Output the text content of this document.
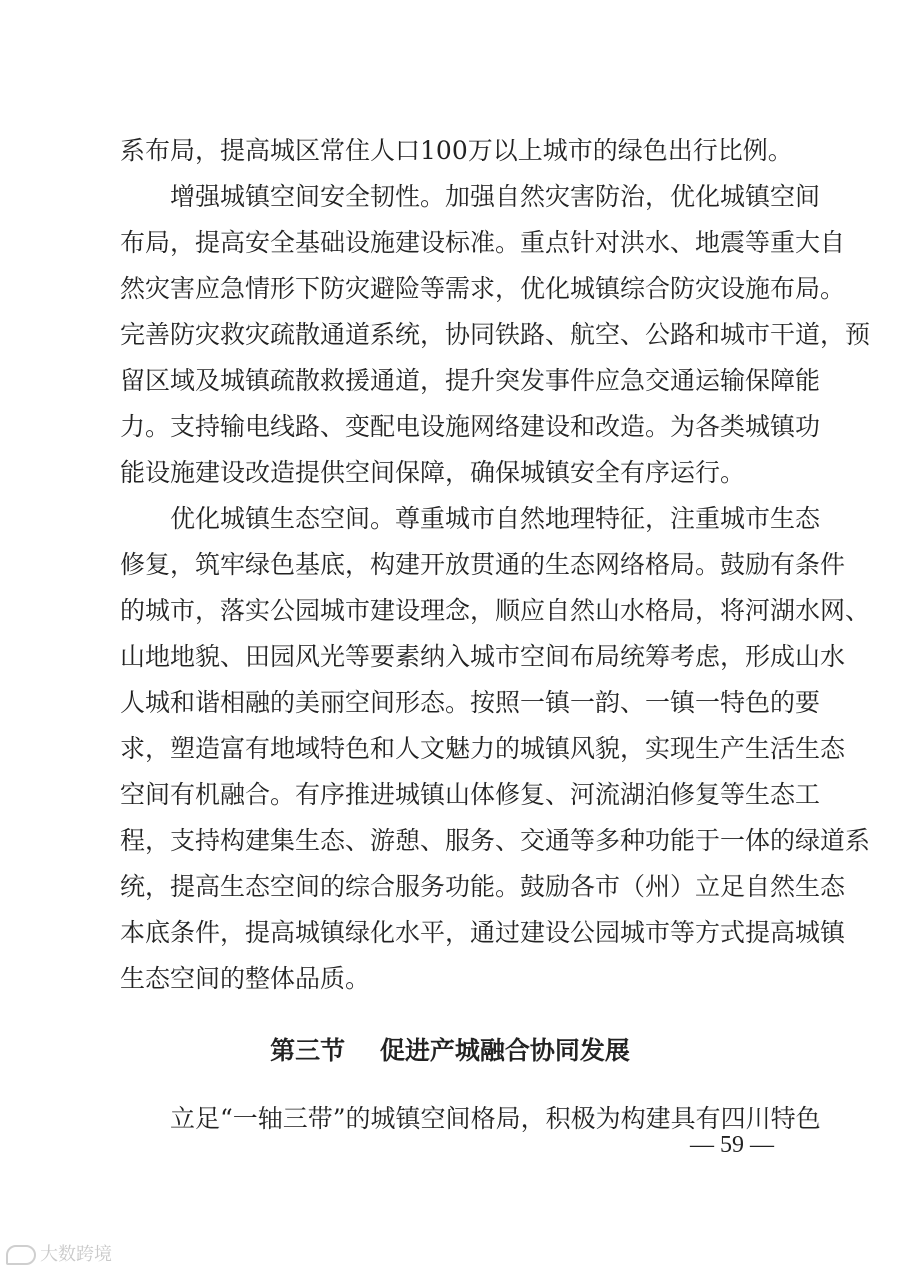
系布局，提高城区常住人口100万以上城市的绿色出行比例。
增强城镇空间安全韧性。加强自然灾害防治，优化城镇空间
布局，提高安全基础设施建设标准。重点针对洪水、地震等重大自
然灾害应急情形下防灾避险等需求，优化城镇综合防灾设施布局。
完善防灾救灾疏散通道系统，协同铁路、航空、公路和城市干道，预
留区域及城镇疏散救援通道，提升突发事件应急交通运输保障能
力。支持输电线路、变配电设施网络建设和改造。为各类城镇功
能设施建设改造提供空间保障，确保城镇安全有序运行。
优化城镇生态空间。尊重城市自然地理特征，注重城市生态
修复，筑牢绿色基底，构建开放贯通的生态网络格局。鼓励有条件
的城市，落实公园城市建设理念，顺应自然山水格局，将河湖水网、
山地地貌、田园风光等要素纳入城市空间布局统筹考虑，形成山水
人城和谐相融的美丽空间形态。按照一镇一韵、一镇一特色的要
求，塑造富有地域特色和人文魅力的城镇风貌，实现生产生活生态
空间有机融合。有序推进城镇山体修复、河流湖泊修复等生态工
程，支持构建集生态、游憩、服务、交通等多种功能于一体的绿道系
统，提高生态空间的综合服务功能。鼓励各市（州）立足自然生态
本底条件，提高城镇绿化水平，通过建设公园城市等方式提高城镇
生态空间的整体品质。
第三节 促进产城融合协同发展
立足“一轴三带”的城镇空间格局，积极为构建具有四川特色
— 59 —
大数跨境
